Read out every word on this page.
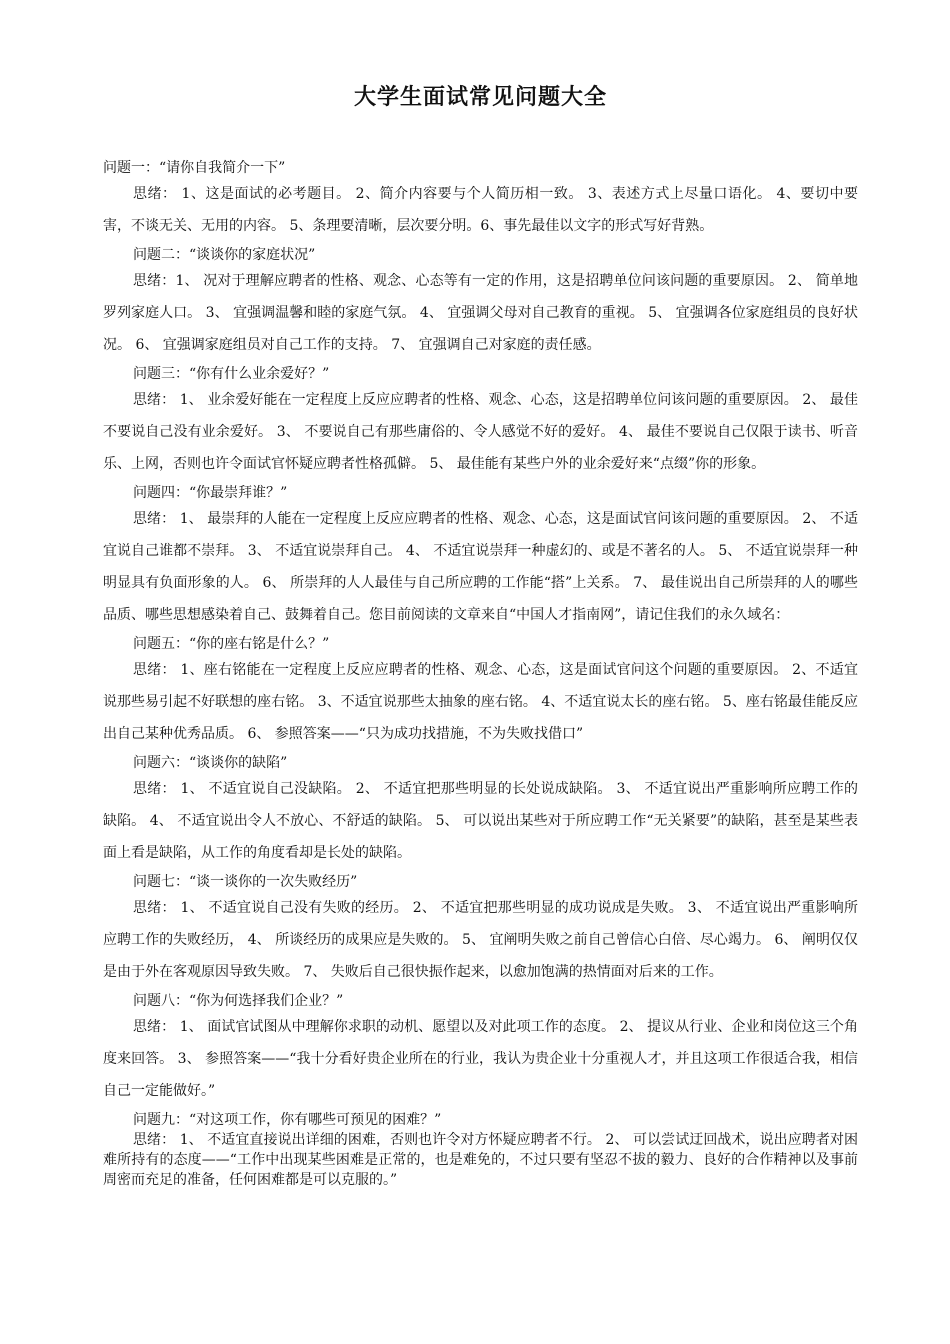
大学生面试常见问题大全

问题一：“请你自我简介一下”

思绪： 1、这是面试的必考题目。 2、简介内容要与个人简历相一致。 3、表述方式上尽量口语化。 4、要切中要害，不谈无关、无用的内容。 5、条理要清晰，层次要分明。6、事先最佳以文字的形式写好背熟。

问题二：“谈谈你的家庭状况”

思绪：1、 况对于理解应聘者的性格、观念、心态等有一定的作用，这是招聘单位问该问题的重要原因。 2、 简单地罗列家庭人口。 3、 宜强调温馨和睦的家庭气氛。 4、 宜强调父母对自己教育的重视。 5、 宜强调各位家庭组员的良好状况。 6、 宜强调家庭组员对自己工作的支持。 7、 宜强调自己对家庭的责任感。

问题三：“你有什么业余爱好？”

思绪： 1、 业余爱好能在一定程度上反应应聘者的性格、观念、心态，这是招聘单位问该问题的重要原因。 2、 最佳不要说自己没有业余爱好。 3、 不要说自己有那些庸俗的、令人感觉不好的爱好。 4、 最佳不要说自己仅限于读书、听音乐、上网，否则也许令面试官怀疑应聘者性格孤僻。 5、 最佳能有某些户外的业余爱好来“点缀”你的形象。

问题四：“你最崇拜谁？”

思绪： 1、 最崇拜的人能在一定程度上反应应聘者的性格、观念、心态，这是面试官问该问题的重要原因。 2、 不适宜说自己谁都不崇拜。 3、 不适宜说崇拜自己。 4、 不适宜说崇拜一种虚幻的、或是不著名的人。 5、 不适宜说崇拜一种明显具有负面形象的人。 6、 所崇拜的人人最佳与自己所应聘的工作能“搭”上关系。 7、 最佳说出自己所崇拜的人的哪些品质、哪些思想感染着自己、鼓舞着自己。您目前阅读的文章来自“中国人才指南网”，请记住我们的永久域名：

问题五：“你的座右铭是什么？”

思绪： 1、座右铭能在一定程度上反应应聘者的性格、观念、心态，这是面试官问这个问题的重要原因。 2、不适宜说那些易引起不好联想的座右铭。 3、不适宜说那些太抽象的座右铭。 4、不适宜说太长的座右铭。 5、座右铭最佳能反应出自己某种优秀品质。 6、 参照答案——“只为成功找措施，不为失败找借口”

问题六：“谈谈你的缺陷”

思绪： 1、 不适宜说自己没缺陷。 2、 不适宜把那些明显的长处说成缺陷。 3、 不适宜说出严重影响所应聘工作的缺陷。 4、 不适宜说出令人不放心、不舒适的缺陷。 5、 可以说出某些对于所应聘工作“无关紧要”的缺陷，甚至是某些表面上看是缺陷，从工作的角度看却是长处的缺陷。

问题七：“谈一谈你的一次失败经历”

思绪： 1、 不适宜说自己没有失败的经历。 2、 不适宜把那些明显的成功说成是失败。 3、 不适宜说出严重影响所应聘工作的失败经历， 4、 所谈经历的成果应是失败的。 5、 宜阐明失败之前自己曾信心白倍、尽心竭力。 6、 阐明仅仅是由于外在客观原因导致失败。 7、 失败后自己很快振作起来，以愈加饱满的热情面对后来的工作。

问题八：“你为何选择我们企业？”

思绪： 1、 面试官试图从中理解你求职的动机、愿望以及对此项工作的态度。 2、 提议从行业、企业和岗位这三个角度来回答。 3、 参照答案——“我十分看好贵企业所在的行业，我认为贵企业十分重视人才，并且这项工作很适合我，相信自己一定能做好。”

问题九：“对这项工作，你有哪些可预见的困难？”

思绪： 1、 不适宜直接说出详细的困难，否则也许令对方怀疑应聘者不行。 2、 可以尝试迂回战术，说出应聘者对困难所持有的态度——“工作中出现某些困难是正常的，也是难免的，不过只要有坚忍不拔的毅力、良好的合作精神以及事前周密而充足的准备，任何困难都是可以克服的。”
